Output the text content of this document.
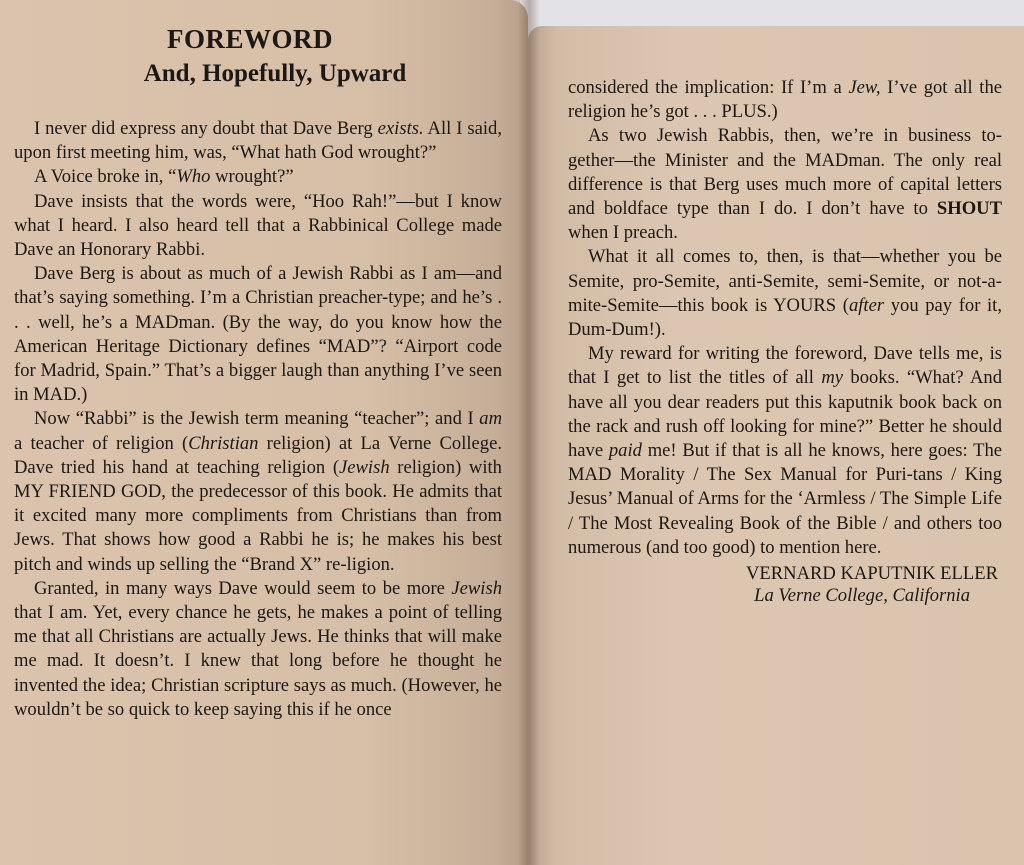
FOREWORD
And, Hopefully, Upward

I never did express any doubt that Dave Berg exists. All I said, upon first meeting him, was, “What hath God wrought?”

A Voice broke in, “Who wrought?”

Dave insists that the words were, “Hoo Rah!”—but I know what I heard. I also heard tell that a Rabbinical College made Dave an Honorary Rabbi.

Dave Berg is about as much of a Jewish Rabbi as I am—and that’s saying something. I’m a Christian preacher-type; and he’s . . . well, he’s a MADman. (By the way, do you know how the American Heritage Dictionary defines “MAD”? “Airport code for Madrid, Spain.” That’s a bigger laugh than anything I’ve seen in MAD.)

Now “Rabbi” is the Jewish term meaning “teacher”; and I am a teacher of religion (Christian religion) at La Verne College. Dave tried his hand at teaching religion (Jewish religion) with MY FRIEND GOD, the predecessor of this book. He admits that it excited many more compliments from Christians than from Jews. That shows how good a Rabbi he is; he makes his best pitch and winds up selling the “Brand X” re-ligion.

Granted, in many ways Dave would seem to be more Jewish that I am. Yet, every chance he gets, he makes a point of telling me that all Christians are actually Jews. He thinks that will make me mad. It doesn’t. I knew that long before he thought he invented the idea; Christian scripture says as much. (However, he wouldn’t be so quick to keep saying this if he once

considered the implication: If I’m a Jew, I’ve got all the religion he’s got . . . PLUS.)

As two Jewish Rabbis, then, we’re in business to-gether—the Minister and the MADman. The only real difference is that Berg uses much more of capital letters and boldface type than I do. I don’t have to SHOUT when I preach.

What it all comes to, then, is that—whether you be Semite, pro-Semite, anti-Semite, semi-Semite, or not-a-mite-Semite—this book is YOURS (after you pay for it, Dum-Dum!).

My reward for writing the foreword, Dave tells me, is that I get to list the titles of all my books. “What? And have all you dear readers put this kaputnik book back on the rack and rush off looking for mine?” Better he should have paid me! But if that is all he knows, here goes: The MAD Morality / The Sex Manual for Puri-tans / King Jesus’ Manual of Arms for the ‘Armless / The Simple Life / The Most Revealing Book of the Bible / and others too numerous (and too good) to mention here.

VERNARD KAPUTNIK ELLER
La Verne College, California
